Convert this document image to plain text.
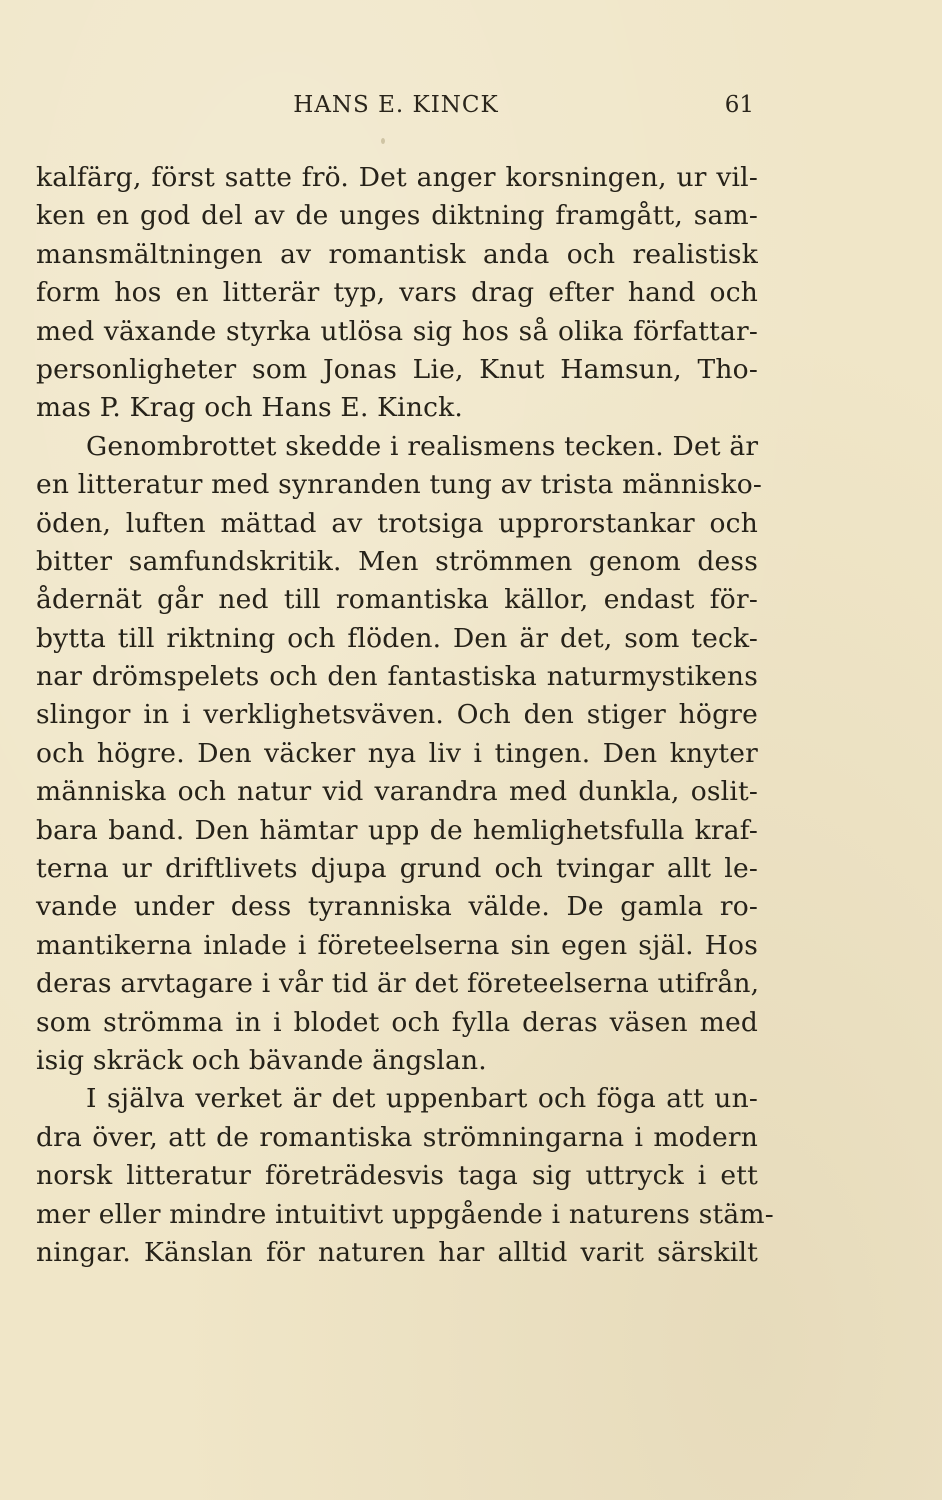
HANS E. KINCK	61
kalfärg, först satte frö. Det anger korsningen, ur vil-
ken en god del av de unges diktning framgått, sam-
mansmältningen av romantisk anda och realistisk
form hos en litterär typ, vars drag efter hand och
med växande styrka utlösa sig hos så olika författar-
personligheter som Jonas Lie, Knut Hamsun, Tho-
mas P. Krag och Hans E. Kinck.
Genombrottet skedde i realismens tecken. Det är
en litteratur med synranden tung av trista människo-
öden, luften mättad av trotsiga upprorstankar och
bitter samfundskritik. Men strömmen genom dess
ådernät går ned till romantiska källor, endast för-
bytta till riktning och flöden. Den är det, som teck-
nar drömspelets och den fantastiska naturmystikens
slingor in i verklighetsväven. Och den stiger högre
och högre. Den väcker nya liv i tingen. Den knyter
människa och natur vid varandra med dunkla, oslit-
bara band. Den hämtar upp de hemlighetsfulla kraf-
terna ur driftlivets djupa grund och tvingar allt le-
vande under dess tyranniska välde. De gamla ro-
mantikerna inlade i företeelserna sin egen själ. Hos
deras arvtagare i vår tid är det företeelserna utifrån,
som strömma in i blodet och fylla deras väsen med
isig skräck och bävande ängslan.
I själva verket är det uppenbart och föga att un-
dra över, att de romantiska strömningarna i modern
norsk litteratur företrädesvis taga sig uttryck i ett
mer eller mindre intuitivt uppgående i naturens stäm-
ningar. Känslan för naturen har alltid varit särskilt
